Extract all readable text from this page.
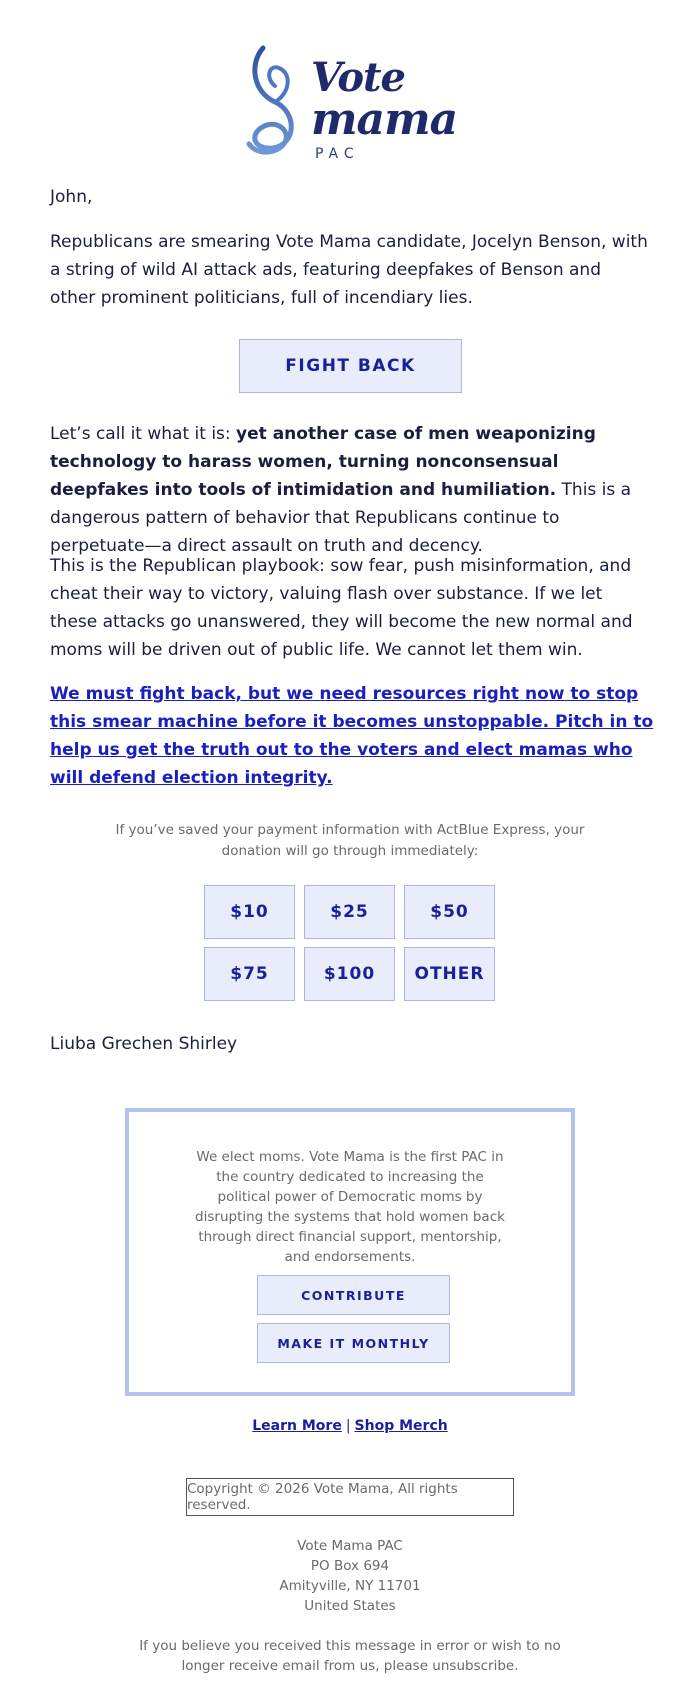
Vote
mama
PAC
John,
Republicans are smearing Vote Mama candidate, Jocelyn Benson, with a string of wild AI attack ads, featuring deepfakes of Benson and other prominent politicians, full of incendiary lies.
FIGHT BACK
Let’s call it what it is: yet another case of men weaponizing technology to harass women, turning nonconsensual deepfakes into tools of intimidation and humiliation. This is a dangerous pattern of behavior that Republicans continue to perpetuate—a direct assault on truth and decency.
This is the Republican playbook: sow fear, push misinformation, and cheat their way to victory, valuing flash over substance. If we let these attacks go unanswered, they will become the new normal and moms will be driven out of public life. We cannot let them win.
We must fight back, but we need resources right now to stop this smear machine before it becomes unstoppable. Pitch in to help us get the truth out to the voters and elect mamas who will defend election integrity.
If you’ve saved your payment information with ActBlue Express, your donation will go through immediately:
$10	$25	$50
$75	$100	OTHER
Liuba Grechen Shirley
We elect moms. Vote Mama is the first PAC in the country dedicated to increasing the political power of Democratic moms by disrupting the systems that hold women back through direct financial support, mentorship, and endorsements.
CONTRIBUTE
MAKE IT MONTHLY
Learn More | Shop Merch
Copyright © 2026 Vote Mama, All rights reserved.
Vote Mama PAC
PO Box 694
Amityville, NY 11701
United States
If you believe you received this message in error or wish to no longer receive email from us, please unsubscribe.
